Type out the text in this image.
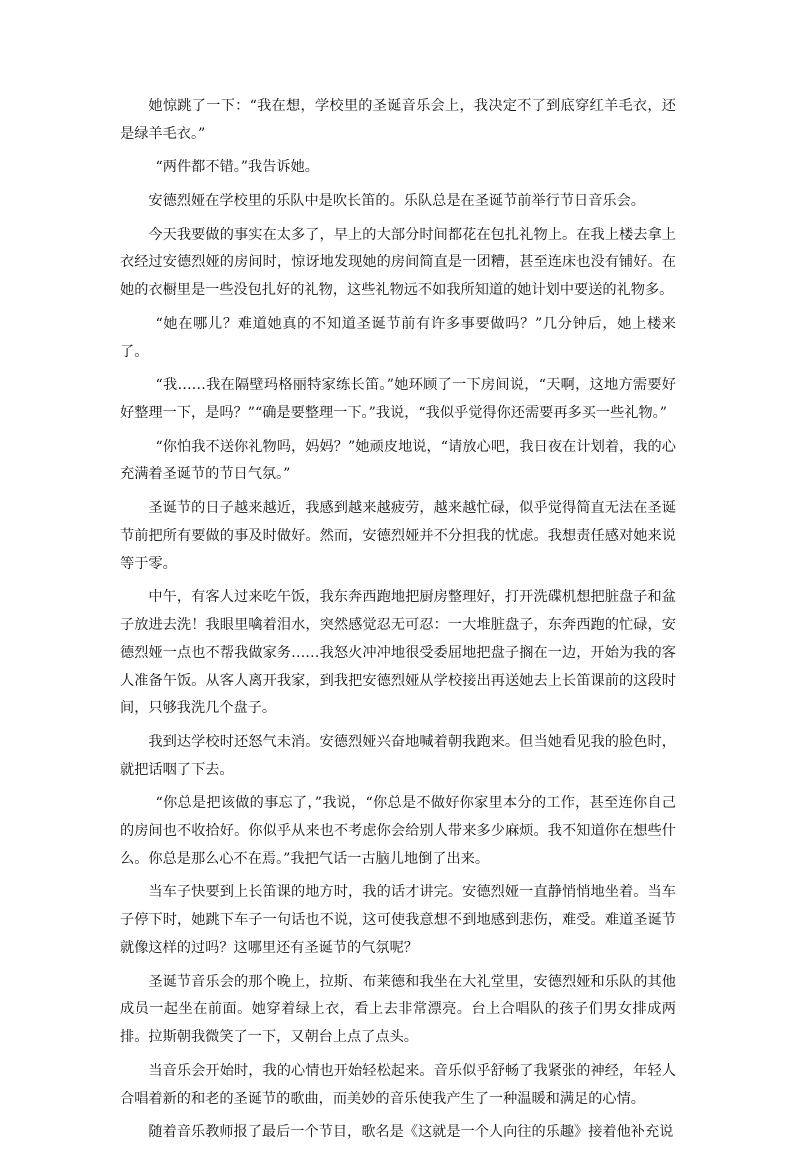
她惊跳了一下：“我在想，学校里的圣诞音乐会上，我决定不了到底穿红羊毛衣，还是绿羊毛衣。”

“两件都不错。”我告诉她。

安德烈娅在学校里的乐队中是吹长笛的。乐队总是在圣诞节前举行节日音乐会。

今天我要做的事实在太多了，早上的大部分时间都花在包扎礼物上。在我上楼去拿上衣经过安德烈娅的房间时，惊讶地发现她的房间简直是一团糟，甚至连床也没有铺好。在她的衣橱里是一些没包扎好的礼物，这些礼物远不如我所知道的她计划中要送的礼物多。

“她在哪儿？难道她真的不知道圣诞节前有许多事要做吗？”几分钟后，她上楼来了。

“我……我在隔壁玛格丽特家练长笛。”她环顾了一下房间说，“天啊，这地方需要好好整理一下，是吗？”“确是要整理一下。”我说，“我似乎觉得你还需要再多买一些礼物。”

“你怕我不送你礼物吗，妈妈？”她顽皮地说，“请放心吧，我日夜在计划着，我的心充满着圣诞节的节日气氛。”

圣诞节的日子越来越近，我感到越来越疲劳，越来越忙碌，似乎觉得简直无法在圣诞节前把所有要做的事及时做好。然而，安德烈娅并不分担我的忧虑。我想责任感对她来说等于零。

中午，有客人过来吃午饭，我东奔西跑地把厨房整理好，打开洗碟机想把脏盘子和盆子放进去洗！我眼里噙着泪水，突然感觉忍无可忍：一大堆脏盘子，东奔西跑的忙碌，安德烈娅一点也不帮我做家务……我怒火冲冲地很受委屈地把盘子搁在一边，开始为我的客人准备午饭。从客人离开我家，到我把安德烈娅从学校接出再送她去上长笛课前的这段时间，只够我洗几个盘子。

我到达学校时还怒气未消。安德烈娅兴奋地喊着朝我跑来。但当她看见我的脸色时，就把话咽了下去。

“你总是把该做的事忘了，”我说，“你总是不做好你家里本分的工作，甚至连你自己的房间也不收拾好。你似乎从来也不考虑你会给别人带来多少麻烦。我不知道你在想些什么。你总是那么心不在焉。”我把气话一古脑儿地倒了出来。

当车子快要到上长笛课的地方时，我的话才讲完。安德烈娅一直静悄悄地坐着。当车子停下时，她跳下车子一句话也不说，这可使我意想不到地感到悲伤，难受。难道圣诞节就像这样的过吗？这哪里还有圣诞节的气氛呢？

圣诞节音乐会的那个晚上，拉斯、布莱德和我坐在大礼堂里，安德烈娅和乐队的其他成员一起坐在前面。她穿着绿上衣，看上去非常漂亮。台上合唱队的孩子们男女排成两排。拉斯朝我微笑了一下，又朝台上点了点头。

当音乐会开始时，我的心情也开始轻松起来。音乐似乎舒畅了我紧张的神经，年轻人合唱着新的和老的圣诞节的歌曲，而美妙的音乐使我产生了一种温暖和满足的心情。

随着音乐教师报了最后一个节目，歌名是《这就是一个人向往的乐趣》接着他补充说
